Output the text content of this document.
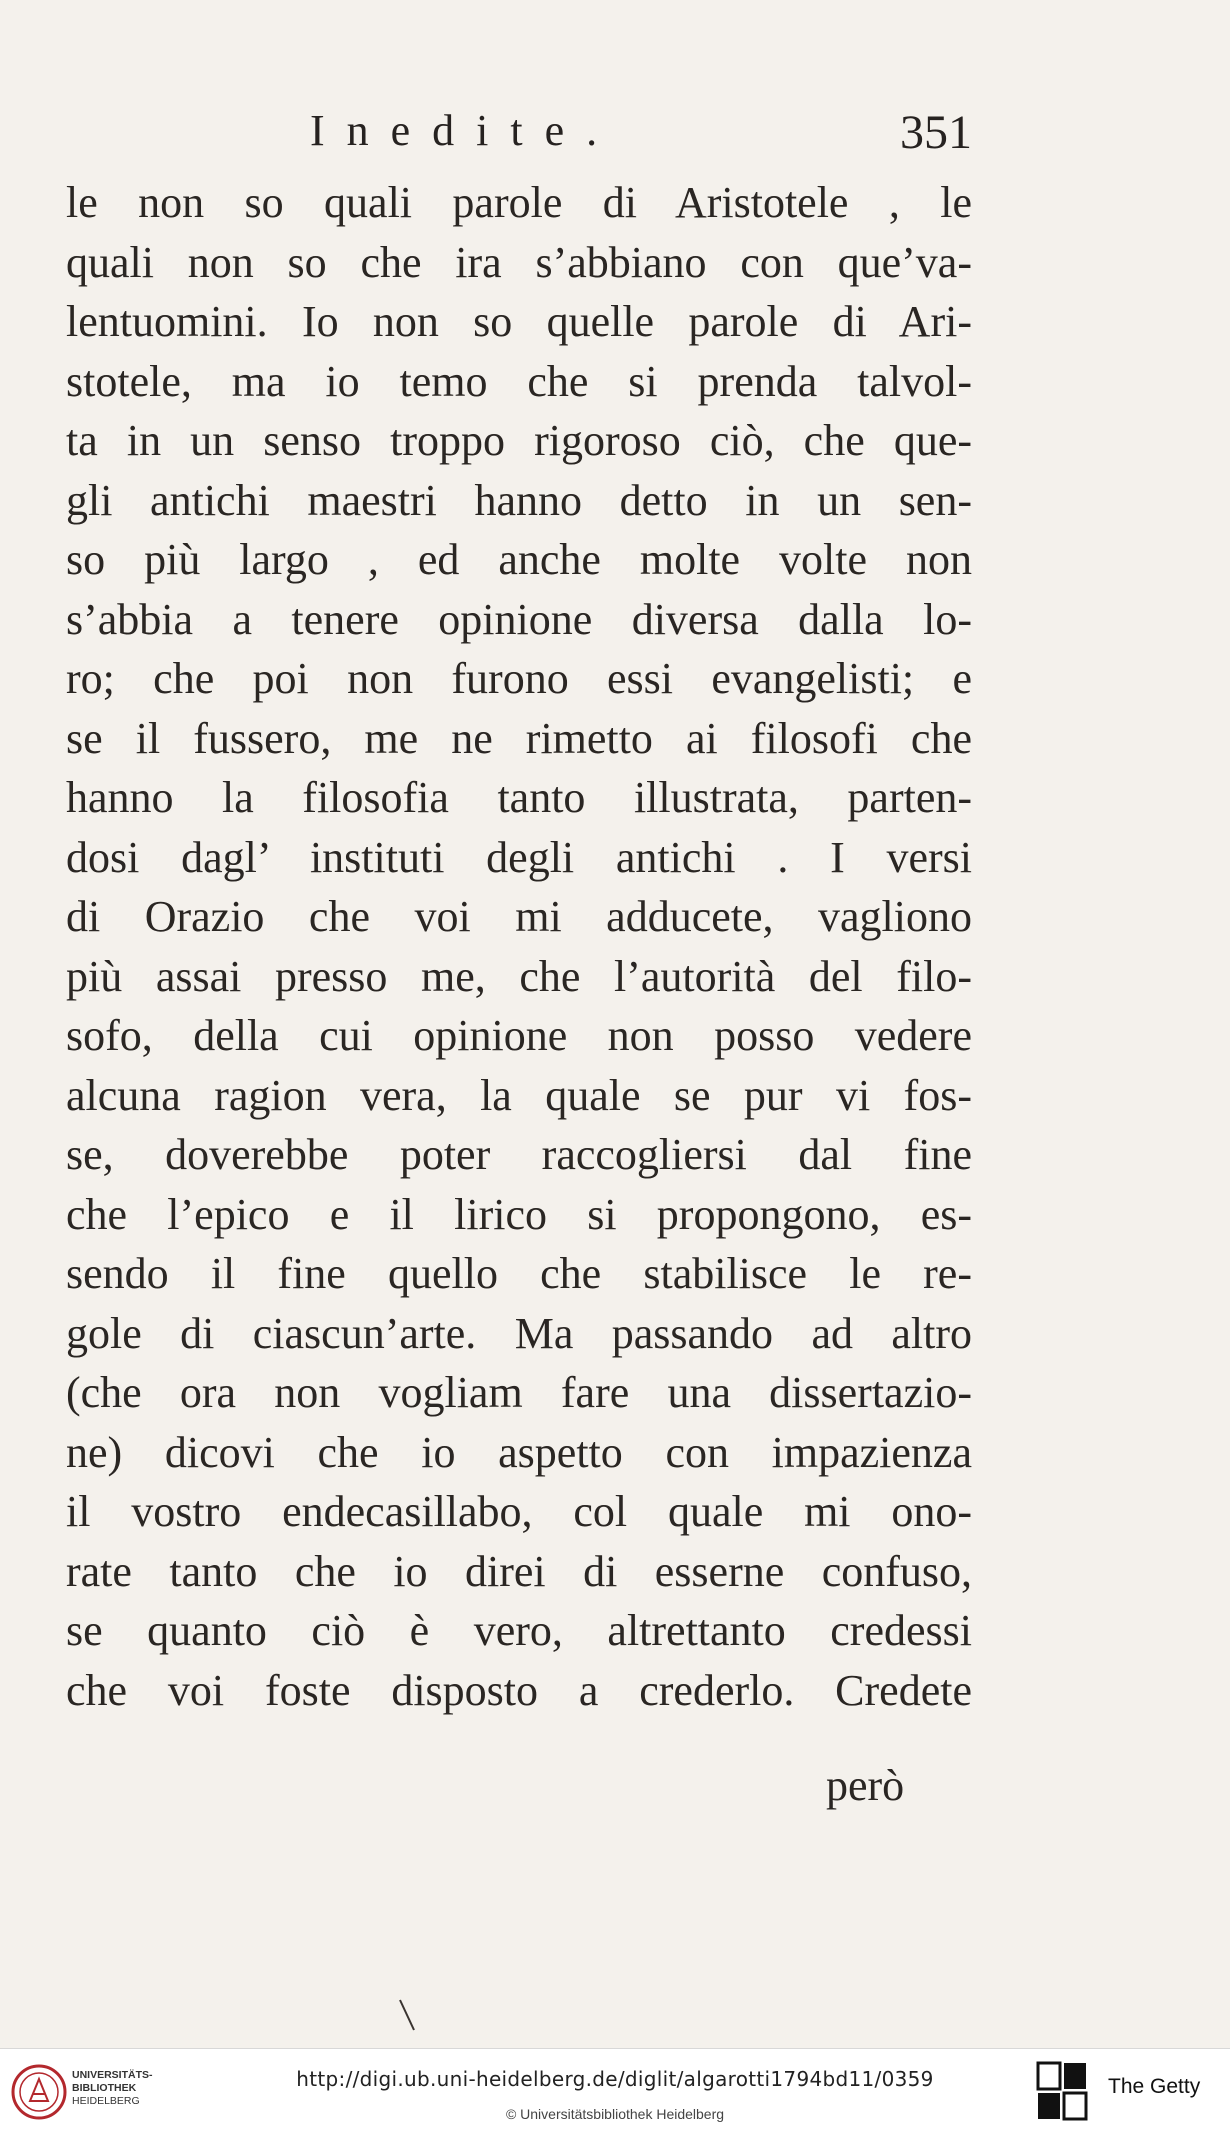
Inedite.	351
le non so quali parole di Aristotele , le
quali non so che ira s’abbiano con que’va-
lentuomini. Io non so quelle parole di Ari-
stotele, ma io temo che si prenda talvol-
ta in un senso troppo rigoroso ciò, che que-
gli antichi maestri hanno detto in un sen-
so più largo , ed anche molte volte non
s’abbia a tenere opinione diversa dalla lo-
ro; che poi non furono essi evangelisti; e
se il fussero, me ne rimetto ai filosofi che
hanno la filosofia tanto illustrata, parten-
dosi dagl’ instituti degli antichi . I versi
di Orazio che voi mi adducete, vagliono
più assai presso me, che l’autorità del filo-
sofo, della cui opinione non posso vedere
alcuna ragion vera, la quale se pur vi fos-
se, doverebbe poter raccogliersi dal fine
che l’epico e il lirico si propongono, es-
sendo il fine quello che stabilisce le re-
gole di ciascun’arte. Ma passando ad altro
(che ora non vogliam fare una dissertazio-
ne) dicovi che io aspetto con impazienza
il vostro endecasillabo, col quale mi ono-
rate tanto che io direi di esserne confuso,
se quanto ciò è vero, altrettanto credessi
che voi foste disposto a crederlo. Credete
però
UNIVERSITÄTS-
BIBLIOTHEK
HEIDELBERG
http://digi.ub.uni-heidelberg.de/diglit/algarotti1794bd11/0359
© Universitätsbibliothek Heidelberg
The Getty
